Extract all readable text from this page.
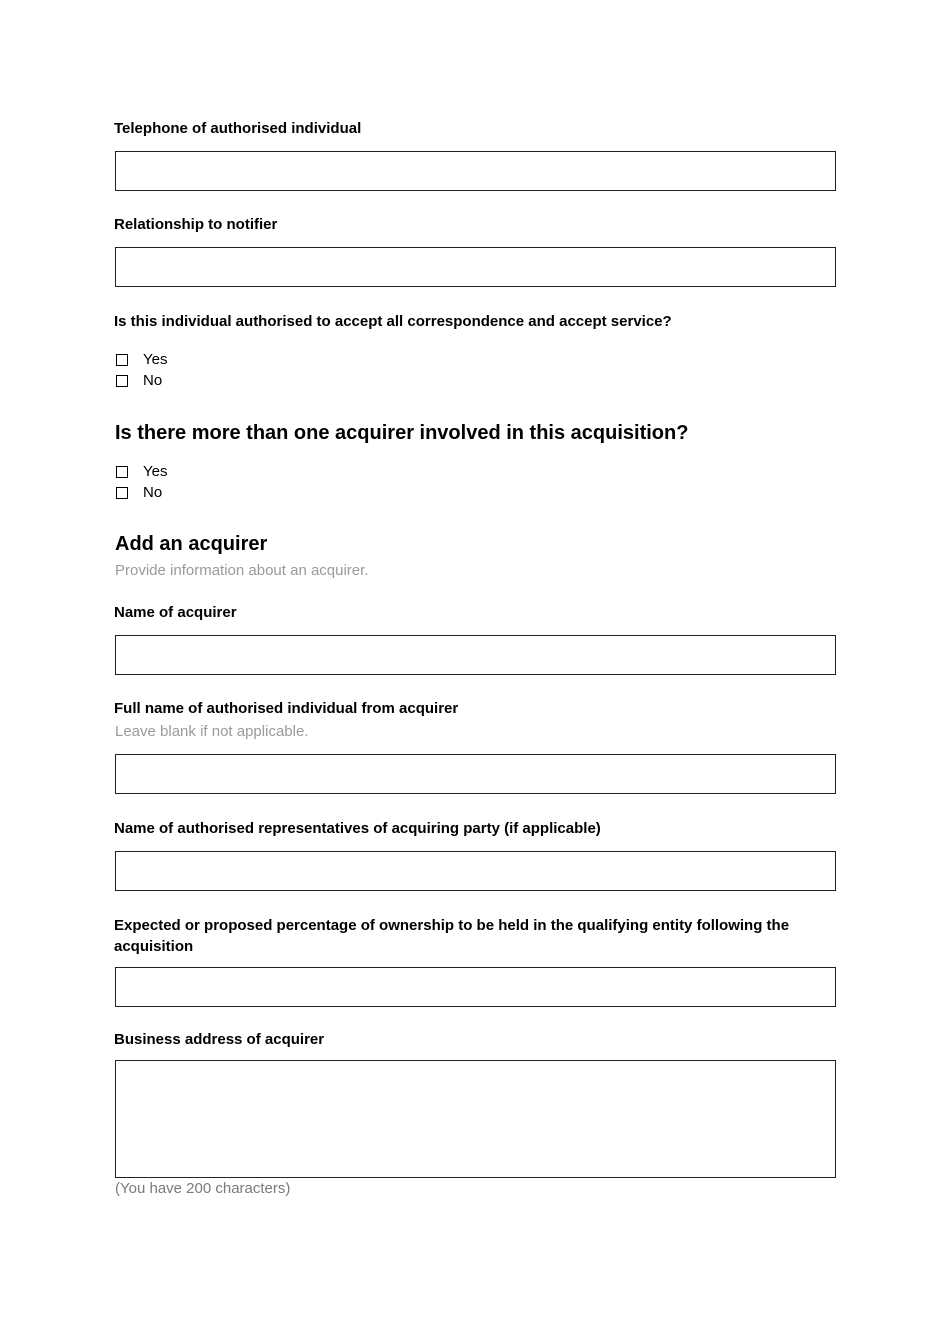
Telephone of authorised individual
Relationship to notifier
Is this individual authorised to accept all correspondence and accept service?
Yes
No
Is there more than one acquirer involved in this acquisition?
Yes
No
Add an acquirer
Provide information about an acquirer.
Name of acquirer
Full name of authorised individual from acquirer
Leave blank if not applicable.
Name of authorised representatives of acquiring party (if applicable)
Expected or proposed percentage of ownership to be held in the qualifying entity following the acquisition
Business address of acquirer
(You have 200 characters)
